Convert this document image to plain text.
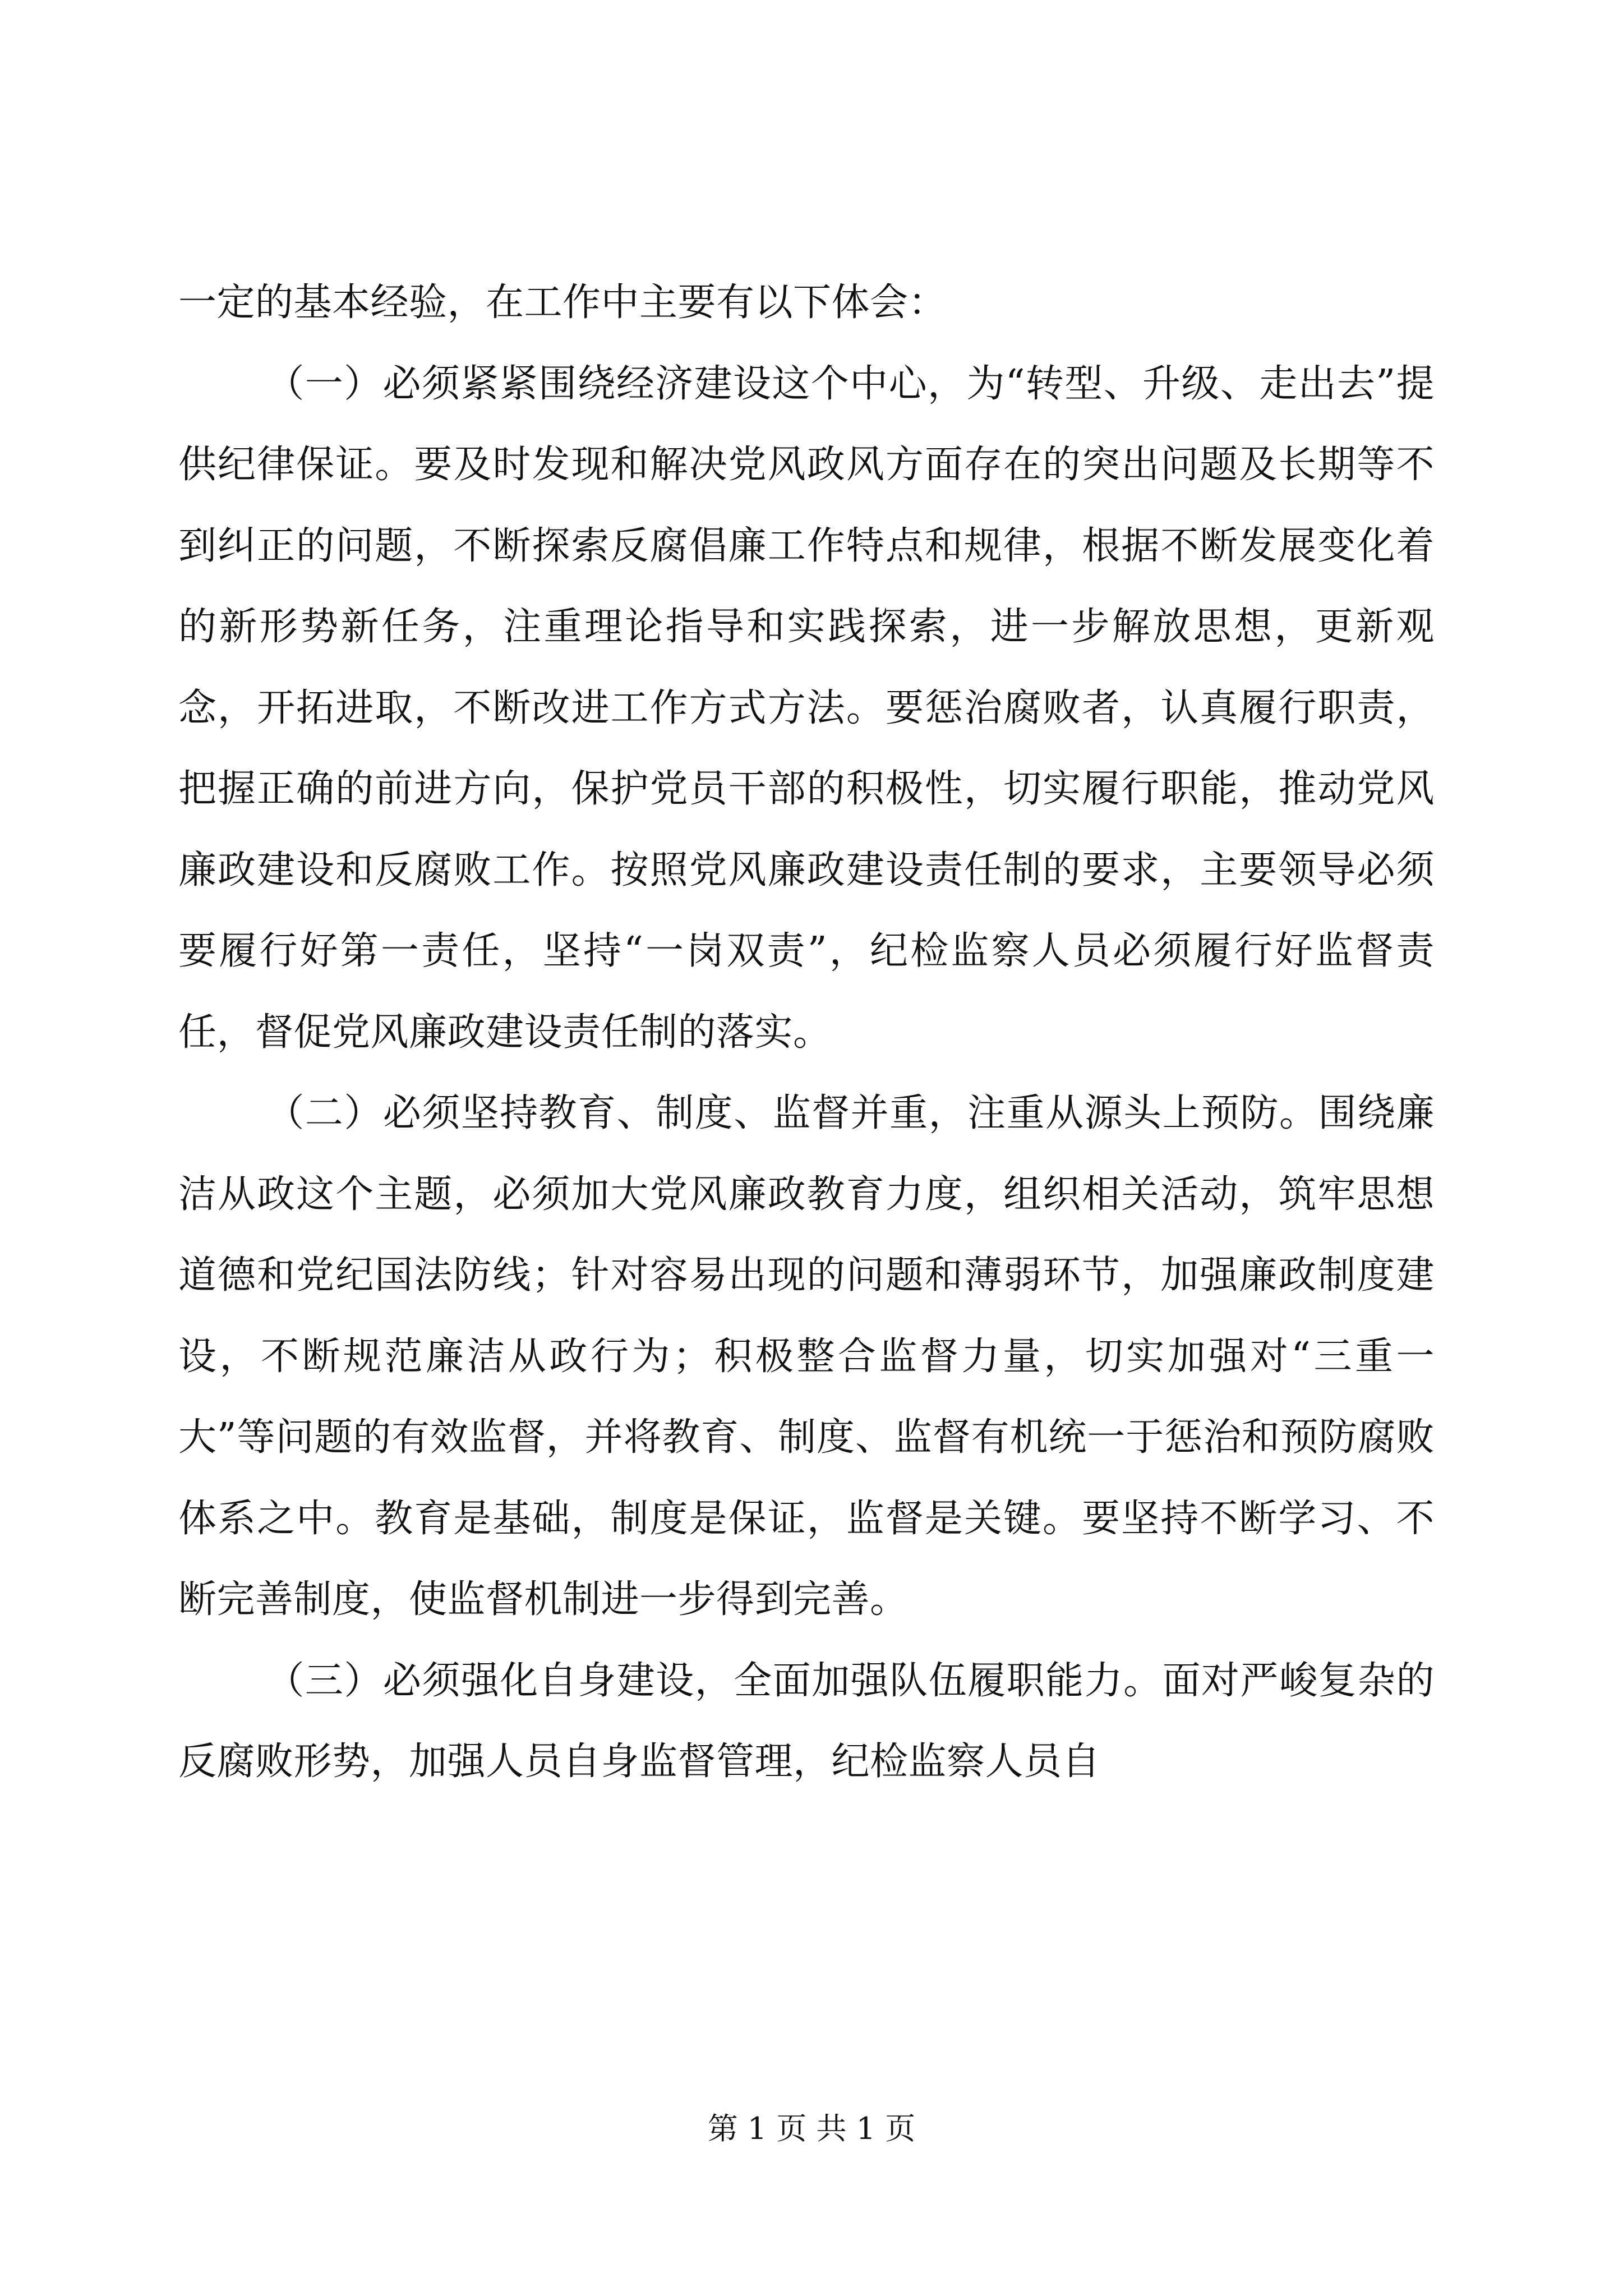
一定的基本经验，在工作中主要有以下体会：

（一）必须紧紧围绕经济建设这个中心，为“转型、升级、走出去”提供纪律保证。要及时发现和解决党风政风方面存在的突出问题及长期等不到纠正的问题，不断探索反腐倡廉工作特点和规律，根据不断发展变化着的新形势新任务，注重理论指导和实践探索，进一步解放思想，更新观念，开拓进取，不断改进工作方式方法。要惩治腐败者，认真履行职责，把握正确的前进方向，保护党员干部的积极性，切实履行职能，推动党风廉政建设和反腐败工作。按照党风廉政建设责任制的要求，主要领导必须要履行好第一责任，坚持“一岗双责”，纪检监察人员必须履行好监督责任，督促党风廉政建设责任制的落实。

（二）必须坚持教育、制度、监督并重，注重从源头上预防。围绕廉洁从政这个主题，必须加大党风廉政教育力度，组织相关活动，筑牢思想道德和党纪国法防线；针对容易出现的问题和薄弱环节，加强廉政制度建设，不断规范廉洁从政行为；积极整合监督力量，切实加强对“三重一大”等问题的有效监督，并将教育、制度、监督有机统一于惩治和预防腐败体系之中。教育是基础，制度是保证，监督是关键。要坚持不断学习、不断完善制度，使监督机制进一步得到完善。

（三）必须强化自身建设，全面加强队伍履职能力。面对严峻复杂的反腐败形势，加强人员自身监督管理，纪检监察人员自

第 1 页 共 1 页
